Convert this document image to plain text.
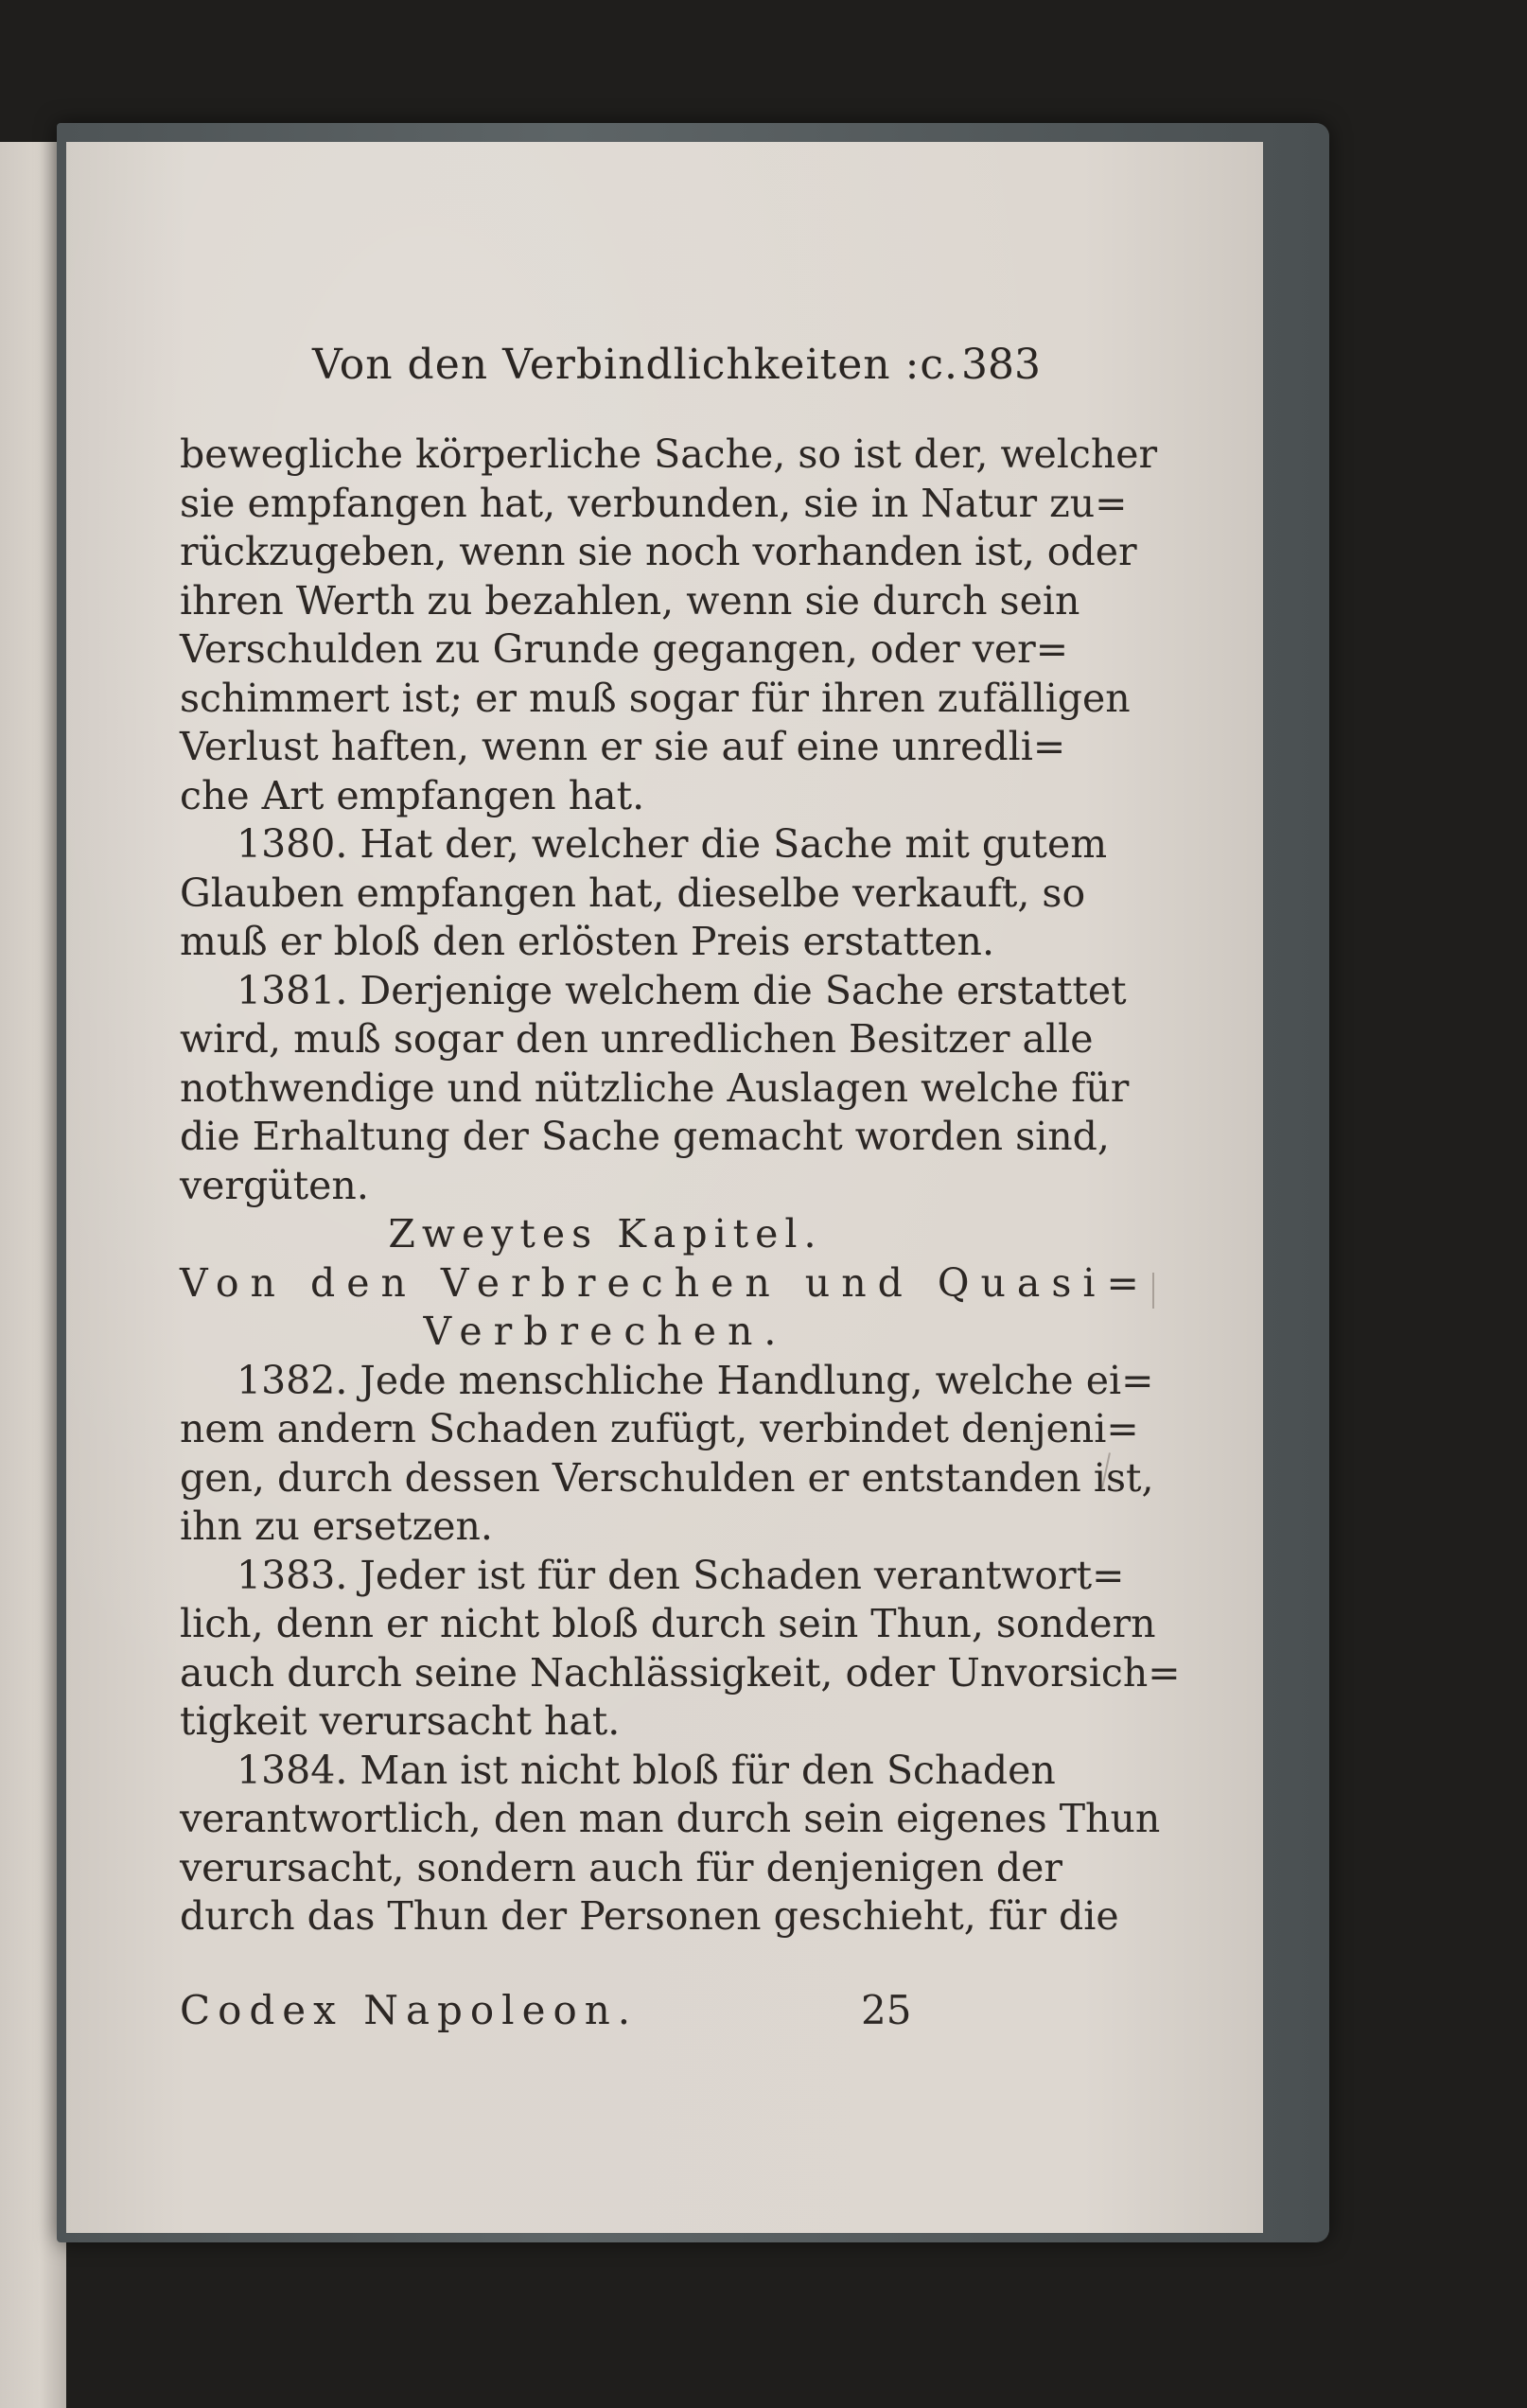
Von den Verbindlichkeiten :c. 383
bewegliche körperliche Sache, so ist der, welcher
sie empfangen hat, verbunden, sie in Natur zu=
rückzugeben, wenn sie noch vorhanden ist, oder
ihren Werth zu bezahlen, wenn sie durch sein
Verschulden zu Grunde gegangen, oder ver=
schimmert ist; er muß sogar für ihren zufälligen
Verlust haften, wenn er sie auf eine unredli=
che Art empfangen hat.
1380. Hat der, welcher die Sache mit gutem
Glauben empfangen hat, dieselbe verkauft, so
muß er bloß den erlösten Preis erstatten.
1381. Derjenige welchem die Sache erstattet
wird, muß sogar den unredlichen Besitzer alle
nothwendige und nützliche Auslagen welche für
die Erhaltung der Sache gemacht worden sind,
vergüten.
Zweytes Kapitel.
Von den Verbrechen und Quasi=
Verbrechen.
1382. Jede menschliche Handlung, welche ei=
nem andern Schaden zufügt, verbindet denjeni=
gen, durch dessen Verschulden er entstanden ist,
ihn zu ersetzen.
1383. Jeder ist für den Schaden verantwort=
lich, denn er nicht bloß durch sein Thun, sondern
auch durch seine Nachlässigkeit, oder Unvorsich=
tigkeit verursacht hat.
1384. Man ist nicht bloß für den Schaden
verantwortlich, den man durch sein eigenes Thun
verursacht, sondern auch für denjenigen der
durch das Thun der Personen geschieht, für die
Codex Napoleon.	25
